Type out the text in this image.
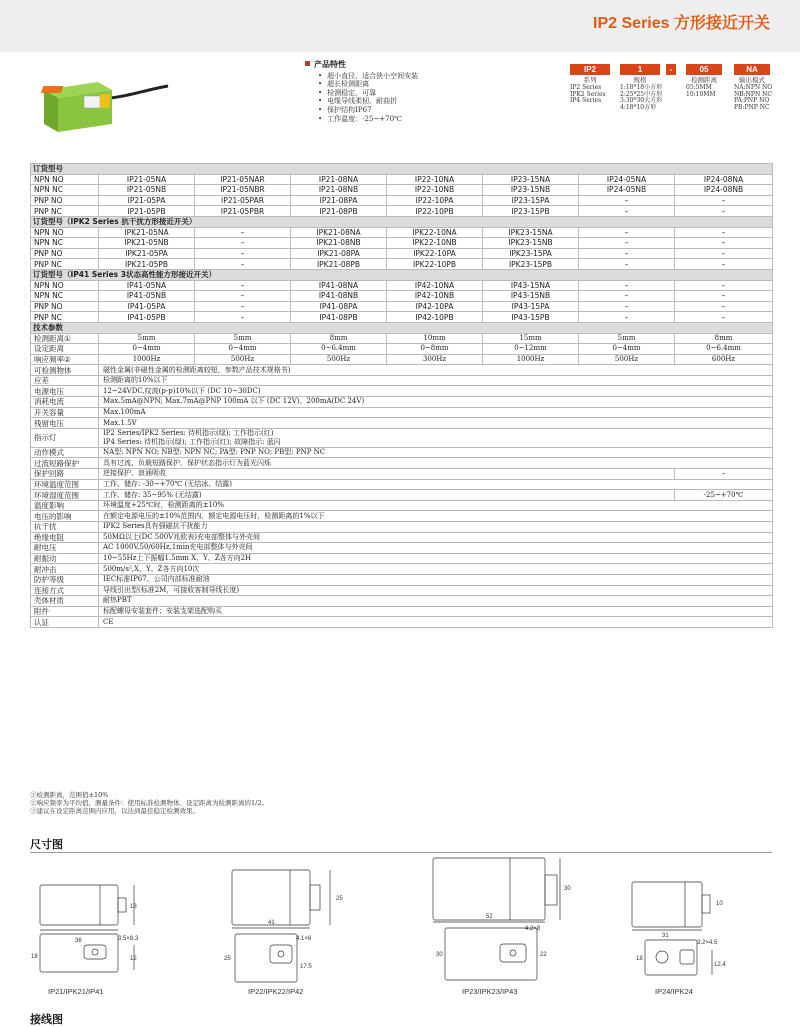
IP2 Series 方形接近开关
产品特性
• 超小直径，适合狭小空间安装
• 超长检测距离
• 检测稳定、可靠
• 电缆导线柔韧、耐曲折
• 保护结构IP67
• 工作温度：-25~+70℃
IP2
系列
IP2 Series
IPK2 Series
IP4 Series
1
规格
1:18*18小方形
2:25*25中方形
3:30*30大方形
4:18*10方形
-	05
检测距离
05:5MM
10:10MM
NA
输出模式
NA:NPN NO
NB:NPN NC
PA:PNP NO
PB:PNP NC
订货型号							
NPN NO	IP21-05NA	IP21-05NAR	IP21-08NA	IP22-10NA	IP23-15NA	IP24-05NA	IP24-08NA
NPN NC	IP21-05NB	IP21-05NBR	IP21-08NB	IP22-10NB	IP23-15NB	IP24-05NB	IP24-08NB
PNP NO	IP21-05PA	IP21-05PAR	IP21-08PA	IP22-10PA	IP23-15PA	–	–
PNP NC	IP21-05PB	IP21-05PBR	IP21-08PB	IP22-10PB	IP23-15PB	–	–
订货型号（IPK2 Series 抗干扰方形接近开关）							
NPN NO	IPK21-05NA	–	IPK21-08NA	IPK22-10NA	IPK23-15NA	–	–
NPN NC	IPK21-05NB	–	IPK21-08NB	IPK22-10NB	IPK23-15NB	–	–
PNP NO	IPK21-05PA	–	IPK21-08PA	IPK22-10PA	IPK23-15PA	–	–
PNP NC	IPK21-05PB	–	IPK21-08PB	IPK22-10PB	IPK23-15PB	–	–
订货型号（IP41 Series 3状态高性能方形接近开关）							
NPN NO	IP41-05NA	–	IP41-08NA	IP42-10NA	IP43-15NA	–	–
NPN NC	IP41-05NB	–	IP41-08NB	IP42-10NB	IP43-15NB	–	–
PNP NO	IP41-05PA	–	IP41-08PA	IP42-10PA	IP43-15PA	–	–
PNP NC	IP41-05PB	–	IP41-08PB	IP42-10PB	IP43-15PB	–	–
技术参数							
检测距离①	5mm	5mm	8mm	10mm	15mm	5mm	8mm
设定距离	0~4mm	0~4mm	0~6.4mm	0~8mm	0~12mm	0~4mm	0~6.4mm
响应频率②	1000Hz	500Hz	500Hz	300Hz	1000Hz	500Hz	600Hz
可检测物体	磁性金属(非磁性金属的检测距离较短，参数产品技术规格书)						
应差	检测距离的10%以下						
电源电压	12~24VDC,纹波(p-p)10%以下 (DC 10~30DC)						
消耗电流	Max.5mA@NPN; Max.7mA@PNP 100mA 以下 (DC 12V)、200mA(DC 24V)						
开关容量	Max.100mA						
残留电压	Max.1.5V						
指示灯	IP2 Series/IPK2 Series: 待机指示(绿); 工作指示(红)
IP4 Series: 待机指示(绿); 工作指示(红); 故障指示: 蓝闪						

动作模式	NA型: NPN NO; NB型: NPN NC; PA型: PNP NO; PB型: PNP NC						
过流短路保护	具有过流、负载短路保护，保护状态指示灯为蓝光闪烁						
保护回路	逆接保护、浪涌吸收						–
环境温度范围	工作、储存: -30~+70℃ (无结冰、结露)						
环境湿度范围	工作、储存: 35~95% (无结露)						-25~+70℃
温度影响	环境温度+25℃时，检测距离的±10%						
电压的影响	在额定电源电压的±10%范围内，额定电源电压时，检测距离的1%以下						
抗干扰	IPK2 Series具有强磁抗干扰能力						
绝缘电阻	50MΩ以上(DC 500V兆欧表)充电部整体与外壳间						
耐电压	AC 1000V,50/60Hz,1min充电部整体与外壳间						
耐振动	10~55Hz上下振幅1.5mm X、Y、Z各方向2H						
耐冲击	500m/s²,X、Y、Z各方向10次						
防护等级	IEC标准IP67、公司内部标准耐油						
连接方式	导线引出型(标准2M，可接收客制导线长度)						
壳体材质	耐热PBT						
附件	标配螺母安装套件；安装支架选配购买						
认证	CE						
①检测距离，范围值±10%
②响应频率为平均值，测量条件：使用标准检测物体、设定距离为检测距离的1/2。
③建议在设定距离范围内应用，以达到最佳稳定检测效果。
尺寸图
18
36	3.5×8.3
18	12
25
41
4.1×6
25
17.5
30
52
4.2×8
30	22
10
31
3.2×4.5
18
12.4
IP21/IPK21/IP41	IP22/IPK22/IP42	IP23/IPK23/IP43	IP24/IPK24
接线图
